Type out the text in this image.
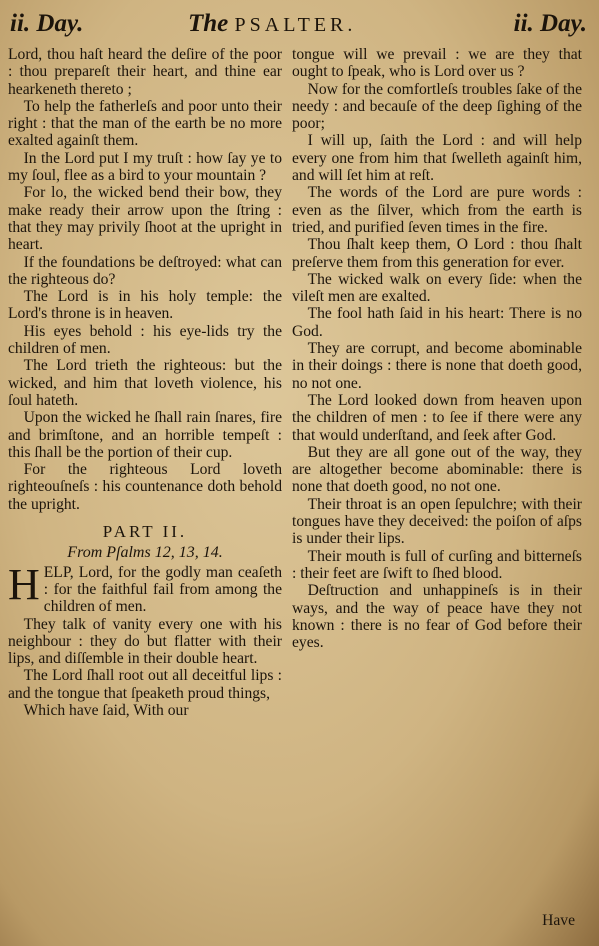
ii. Day.	The PSALTER.	ii. Day.

Lord, thou haſt heard the deſire of the poor : thou prepareſt their heart, and thine ear hearkeneth thereto ;

To help the fatherleſs and poor unto their right : that the man of the earth be no more exalted againſt them.

In the Lord put I my truſt : how ſay ye to my ſoul, flee as a bird to your mountain ?

For lo, the wicked bend their bow, they make ready their arrow upon the ſtring : that they may privily ſhoot at the upright in heart.

If the foundations be deſtroyed: what can the righteous do?

The Lord is in his holy temple: the Lord's throne is in heaven.

His eyes behold : his eye-lids try the children of men.

The Lord trieth the righteous: but the wicked, and him that loveth violence, his ſoul hateth.

Upon the wicked he ſhall rain ſnares, fire and brimſtone, and an horrible tempeſt : this ſhall be the portion of their cup.

For the righteous Lord loveth righteouſneſs : his countenance doth behold the upright.

PART II.
From Pſalms 12, 13, 14.

HELP, Lord, for the godly man ceaſeth : for the faithful fail from among the children of men.

They talk of vanity every one with his neighbour : they do but flatter with their lips, and diſſemble in their double heart.

The Lord ſhall root out all deceitful lips : and the tongue that ſpeaketh proud things,

Which have ſaid, With our

tongue will we prevail : we are they that ought to ſpeak, who is Lord over us ?

Now for the comfortleſs troubles ſake of the needy : and becauſe of the deep ſighing of the poor;

I will up, ſaith the Lord : and will help every one from him that ſwelleth againſt him, and will ſet him at reſt.

The words of the Lord are pure words : even as the ſilver, which from the earth is tried, and purified ſeven times in the fire.

Thou ſhalt keep them, O Lord : thou ſhalt preſerve them from this generation for ever.

The wicked walk on every ſide: when the vileſt men are exalted.

The fool hath ſaid in his heart: There is no God.

They are corrupt, and become abominable in their doings : there is none that doeth good, no not one.

The Lord looked down from heaven upon the children of men : to ſee if there were any that would underſtand, and ſeek after God.

But they are all gone out of the way, they are altogether become abominable: there is none that doeth good, no not one.

Their throat is an open ſepulchre; with their tongues have they deceived: the poiſon of aſps is under their lips.

Their mouth is full of curſing and bitterneſs : their feet are ſwift to ſhed blood.

Deſtruction and unhappineſs is in their ways, and the way of peace have they not known : there is no fear of God before their eyes.

Have
